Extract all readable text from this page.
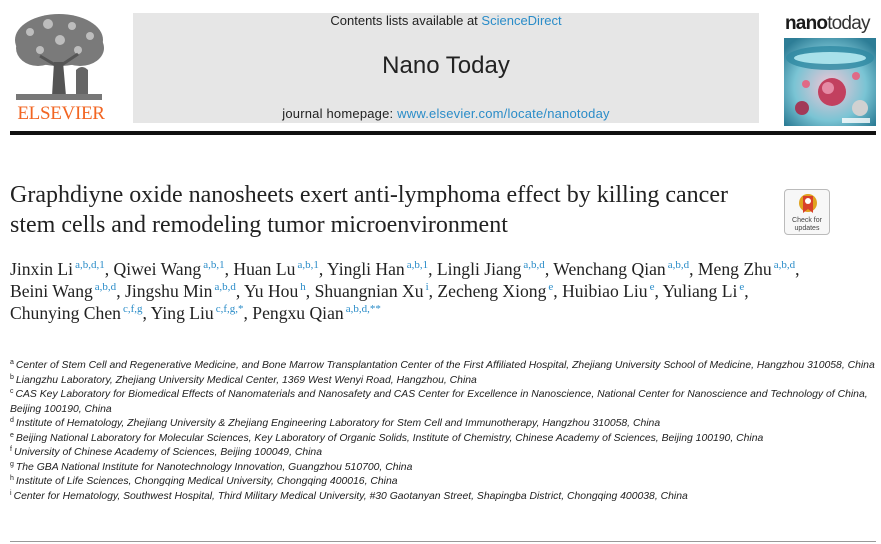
ELSEVIER
Contents lists available at ScienceDirect
Nano Today
journal homepage: www.elsevier.com/locate/nanotoday
nanotoday
Graphdiyne oxide nanosheets exert anti-lymphoma effect by killing cancer stem cells and remodeling tumor microenvironment	Check for updates
Jinxin Li $^{a,b,d,1}$, Qiwei Wang $^{a,b,1}$, Huan Lu $^{a,b,1}$, Yingli Han $^{a,b,1}$, Lingli Jiang $^{a,b,d}$, Wenchang Qian $^{a,b,d}$, Meng Zhu $^{a,b,d}$, Beini Wang $^{a,b,d}$, Jingshu Min $^{a,b,d}$, Yu Hou $^h$, Shuangnian Xu $^i$, Zecheng Xiong $^e$, Huibiao Liu $^e$, Yuliang Li $^e$, Chunying Chen $^{c,f,g}$, Ying Liu $^{c,f,g,*}$, Pengxu Qian $^{a,b,d,**}$
$^a$ Center of Stem Cell and Regenerative Medicine, and Bone Marrow Transplantation Center of the First Affiliated Hospital, Zhejiang University School of Medicine, Hangzhou 310058, China
$^b$ Liangzhu Laboratory, Zhejiang University Medical Center, 1369 West Wenyi Road, Hangzhou, China
$^c$ CAS Key Laboratory for Biomedical Effects of Nanomaterials and Nanosafety and CAS Center for Excellence in Nanoscience, National Center for Nanoscience and Technology of China, Beijing 100190, China
$^d$ Institute of Hematology, Zhejiang University & Zhejiang Engineering Laboratory for Stem Cell and Immunotherapy, Hangzhou 310058, China
$^e$ Beijing National Laboratory for Molecular Sciences, Key Laboratory of Organic Solids, Institute of Chemistry, Chinese Academy of Sciences, Beijing 100190, China
$^f$ University of Chinese Academy of Sciences, Beijing 100049, China
$^g$ The GBA National Institute for Nanotechnology Innovation, Guangzhou 510700, China
$^h$ Institute of Life Sciences, Chongqing Medical University, Chongqing 400016, China
$^i$ Center for Hematology, Southwest Hospital, Third Military Medical University, #30 Gaotanyan Street, Shapingba District, Chongqing 400038, China
